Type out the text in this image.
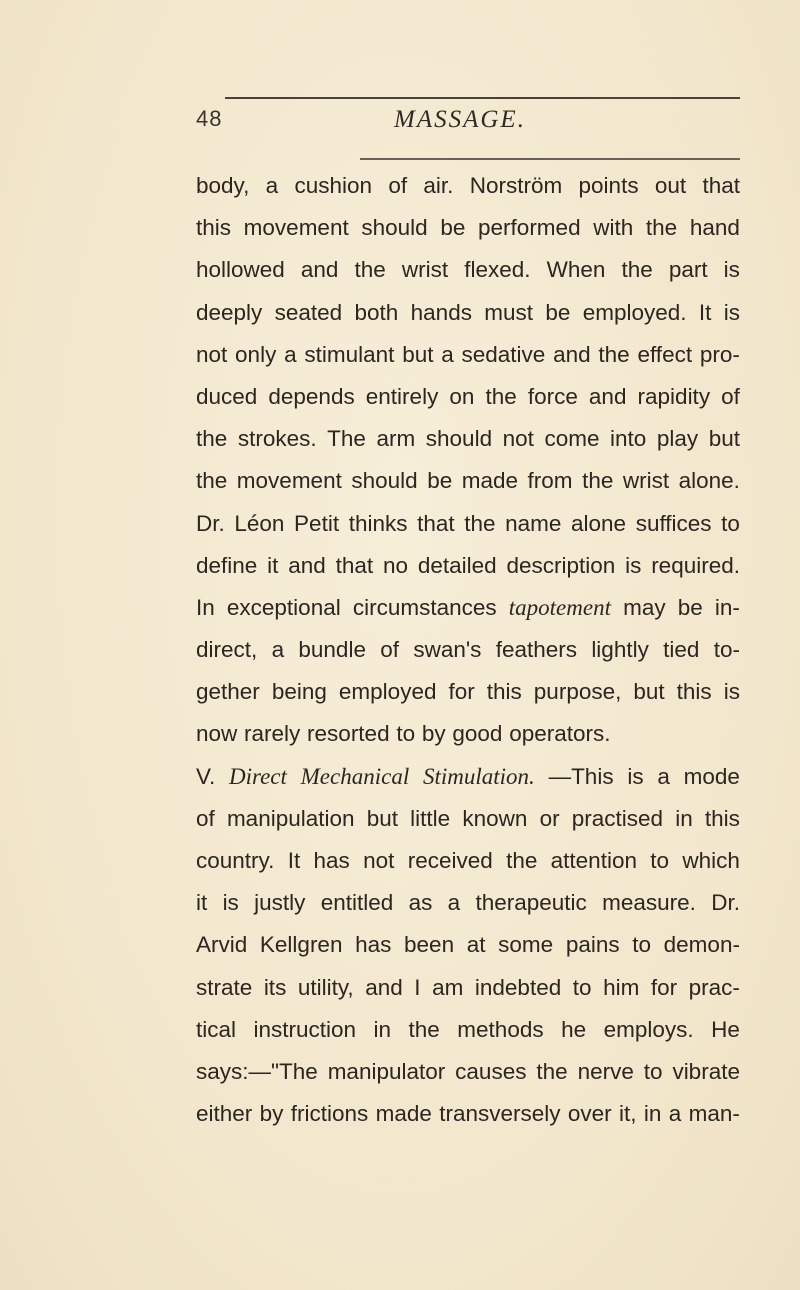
48	MASSAGE.
body, a cushion of air. Norström points out that
this movement should be performed with the hand
hollowed and the wrist flexed. When the part is
deeply seated both hands must be employed. It is
not only a stimulant but a sedative and the effect pro-
duced depends entirely on the force and rapidity of
the strokes. The arm should not come into play but
the movement should be made from the wrist alone.
Dr. Léon Petit thinks that the name alone suffices to
define it and that no detailed description is required.
In exceptional circumstances tapotement may be in-
direct, a bundle of swan's feathers lightly tied to-
gether being employed for this purpose, but this is
now rarely resorted to by good operators.
V. Direct Mechanical Stimulation. —This is a mode
of manipulation but little known or practised in this
country. It has not received the attention to which
it is justly entitled as a therapeutic measure. Dr.
Arvid Kellgren has been at some pains to demon-
strate its utility, and I am indebted to him for prac-
tical instruction in the methods he employs. He
says:—"The manipulator causes the nerve to vibrate
either by frictions made transversely over it, in a man-
